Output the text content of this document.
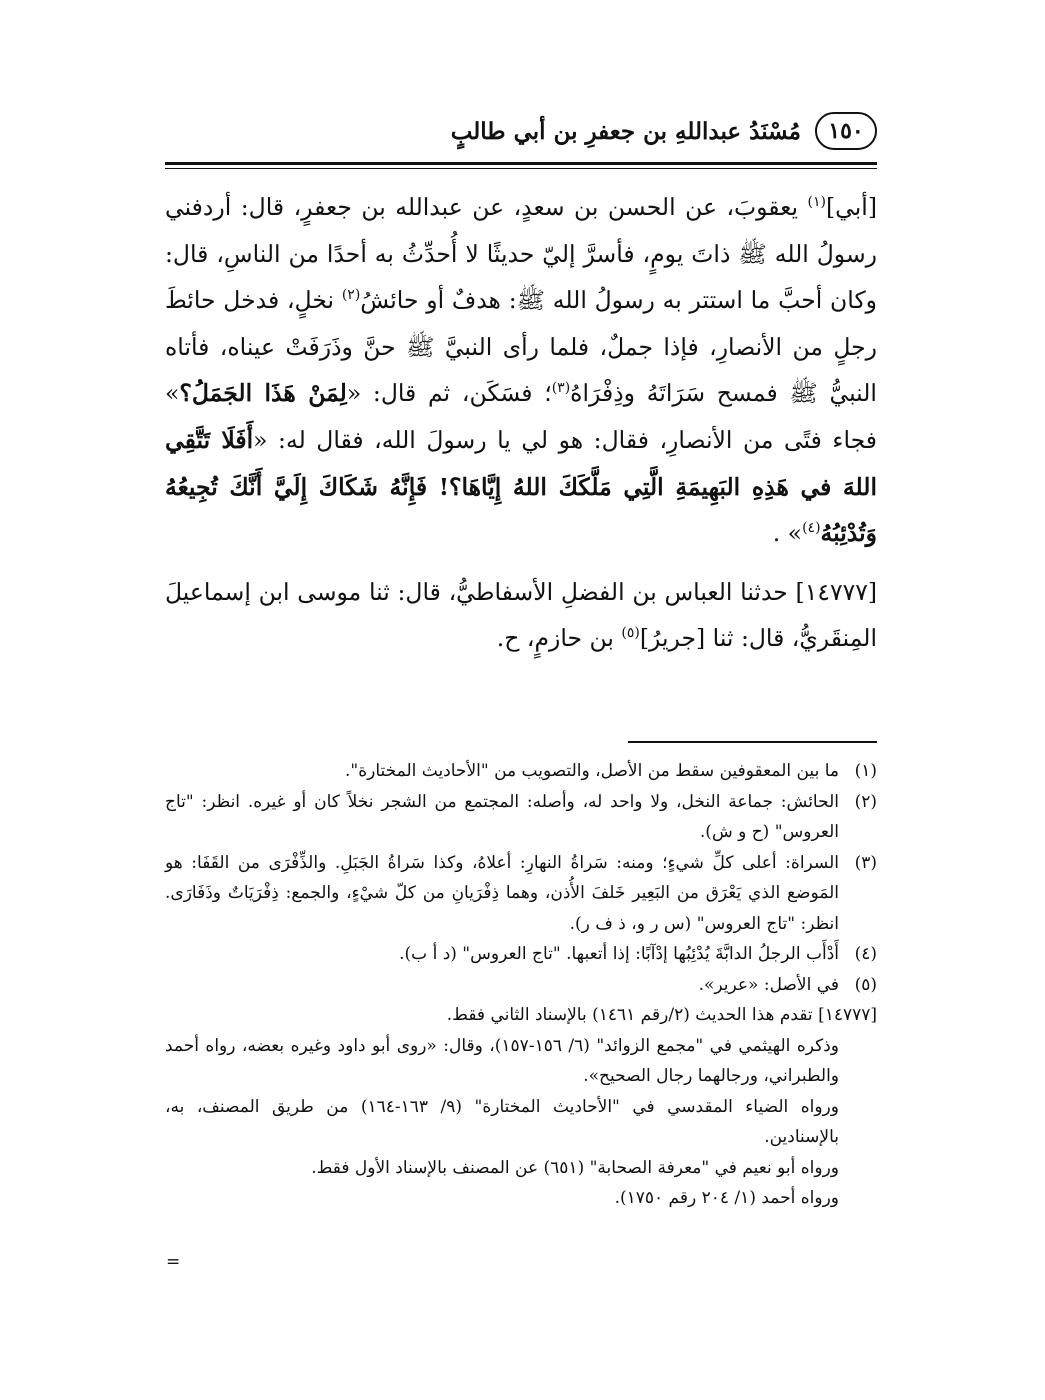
١٥٠
مُسْنَدُ عبداللهِ بن جعفرِ بن أبي طالبٍ

[أبي]$^{(١)}$ يعقوبَ، عن الحسن بن سعدٍ، عن عبدالله بن جعفرٍ، قال: أردفني رسولُ الله ﷺ ذاتَ يومٍ، فأسرَّ إليّ حديثًا لا أُحدِّثُ به أحدًا من الناسِ، قال: وكان أحبَّ ما استتر به رسولُ الله ﷺ: هدفٌ أو حائشُ$^{(٢)}$ نخلٍ، فدخل حائطَ رجلٍ من الأنصارِ، فإذا جملٌ، فلما رأى النبيَّ ﷺ حنَّ وذَرَفَتْ عيناه، فأتاه النبيُّ ﷺ فمسح سَرَاتَهُ وذِفْرَاهُ$^{(٣)}$؛ فسَكَن، ثم قال: «لِمَنْ هَذَا الجَمَلُ؟» فجاء فتًى من الأنصارِ، فقال: هو لي يا رسولَ الله، فقال له: «أَفَلَا تَتَّقِي اللهَ في هَذِهِ البَهِيمَةِ الَّتِي مَلَّكَكَ اللهُ إِيَّاهَا؟! فَإِنَّهُ شَكَاكَ إِلَيَّ أَنَّكَ تُجِيعُهُ وَتُدْئِبُهُ$^{(٤)}$» .

[١٤٧٧٧] حدثنا العباس بن الفضلِ الأسفاطيُّ، قال: ثنا موسى ابن إسماعيلَ المِنقَريُّ، قال: ثنا [جريرُ]$^{(٥)}$ بن حازمٍ، ح.

(١)
ما بين المعقوفين سقط من الأصل، والتصويب من "الأحاديث المختارة".
(٢)
الحائش: جماعة النخل، ولا واحد له، وأصله: المجتمع من الشجر نخلاً كان أو غيره. انظر: "تاج العروس" (ح و ش).
(٣)
السراة: أعلى كلِّ شيءٍ؛ ومنه: سَراةُ النهارِ: أعلاهُ، وكذا سَراةُ الجَبَلِ. والذِّفْرَى من القَفَا: هو المَوضع الذي يَعْرَق من البَعِير خَلفَ الأُذن، وهما ذِفْرَيانِ من كلّ شيْءٍ، والجمع: ذِفْرَيَاتٌ وذَفَارَى. انظر: "تاج العروس" (س ر و، ذ ف ر).
(٤)
أَدْأَب الرجلُ الدابَّةَ يُدْئِبُها إدْآبًا: إذا أتعبها. "تاج العروس" (د أ ب).
(٥)
في الأصل: «عرير».
[١٤٧٧٧] تقدم هذا الحديث (٢/رقم ١٤٦١) بالإسناد الثاني فقط.
وذكره الهيثمي في "مجمع الزوائد" (٦/ ١٥٦-١٥٧)، وقال: «روى أبو داود وغيره بعضه، رواه أحمد والطبراني، ورجالهما رجال الصحيح».
ورواه الضياء المقدسي في "الأحاديث المختارة" (٩/ ١٦٣-١٦٤) من طريق المصنف، به، بالإسنادين.
ورواه أبو نعيم في "معرفة الصحابة" (٦٥١) عن المصنف بالإسناد الأول فقط.
ورواه أحمد (١/ ٢٠٤ رقم ١٧٥٠).
=
